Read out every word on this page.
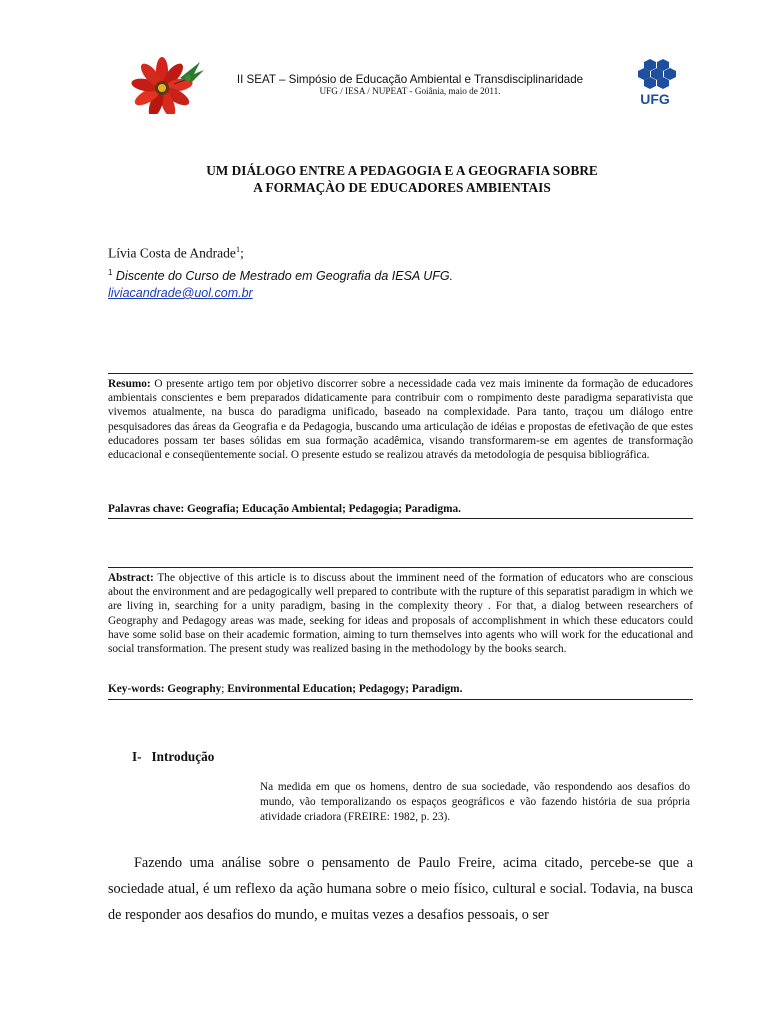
UFG
II SEAT – Simpósio de Educação Ambiental e Transdisciplinaridade
UFG / IESA / NUPEAT - Goiânia, maio de 2011.
UM DIÁLOGO ENTRE A PEDAGOGIA E A GEOGRAFIA SOBRE
A FORMAÇÀO DE EDUCADORES AMBIENTAIS
Lívia Costa de Andrade$^1$;
$^1$ Discente do Curso de Mestrado em Geografia da IESA UFG.
liviacandrade@uol.com.br
Resumo: O presente artigo tem por objetivo discorrer sobre a necessidade cada vez mais iminente da formação de educadores ambientais conscientes e bem preparados didaticamente para contribuir com o rompimento deste paradigma separativista que vivemos atualmente, na busca do paradigma unificado, baseado na complexidade. Para tanto, traçou um diálogo entre pesquisadores das áreas da Geografia e da Pedagogia, buscando uma articulação de idéias e propostas de efetivação de que estes educadores possam ter bases sólidas em sua formação acadêmica, visando transformarem-se em agentes de transformação educacional e conseqüentemente social. O presente estudo se realizou através da metodologia de pesquisa bibliográfica.
Palavras chave: Geografia; Educação Ambiental; Pedagogia; Paradigma.
Abstract: The objective of this article is to discuss about the imminent need of the formation of educators who are conscious about the environment and are pedagogically well prepared to contribute with the rupture of this separatist paradigm in which we are living in, searching for a unity paradigm, basing in the complexity theory . For that, a dialog between researchers of Geography and Pedagogy areas was made, seeking for ideas and proposals of accomplishment in which these educators could have some solid base on their academic formation, aiming to turn themselves into agents who will work for the educational and social transformation. The present study was realized basing in the methodology by the books search.
Key-words: Geography; Environmental Education; Pedagogy; Paradigm.
I- Introdução
Na medida em que os homens, dentro de sua sociedade, vão respondendo aos desafios do mundo, vão temporalizando os espaços geográficos e vão fazendo história de sua própria atividade criadora (FREIRE: 1982, p. 23).
Fazendo uma análise sobre o pensamento de Paulo Freire, acima citado, percebe-se que a sociedade atual, é um reflexo da ação humana sobre o meio físico, cultural e social. Todavia, na busca de responder aos desafios do mundo, e muitas vezes a desafios pessoais, o ser
